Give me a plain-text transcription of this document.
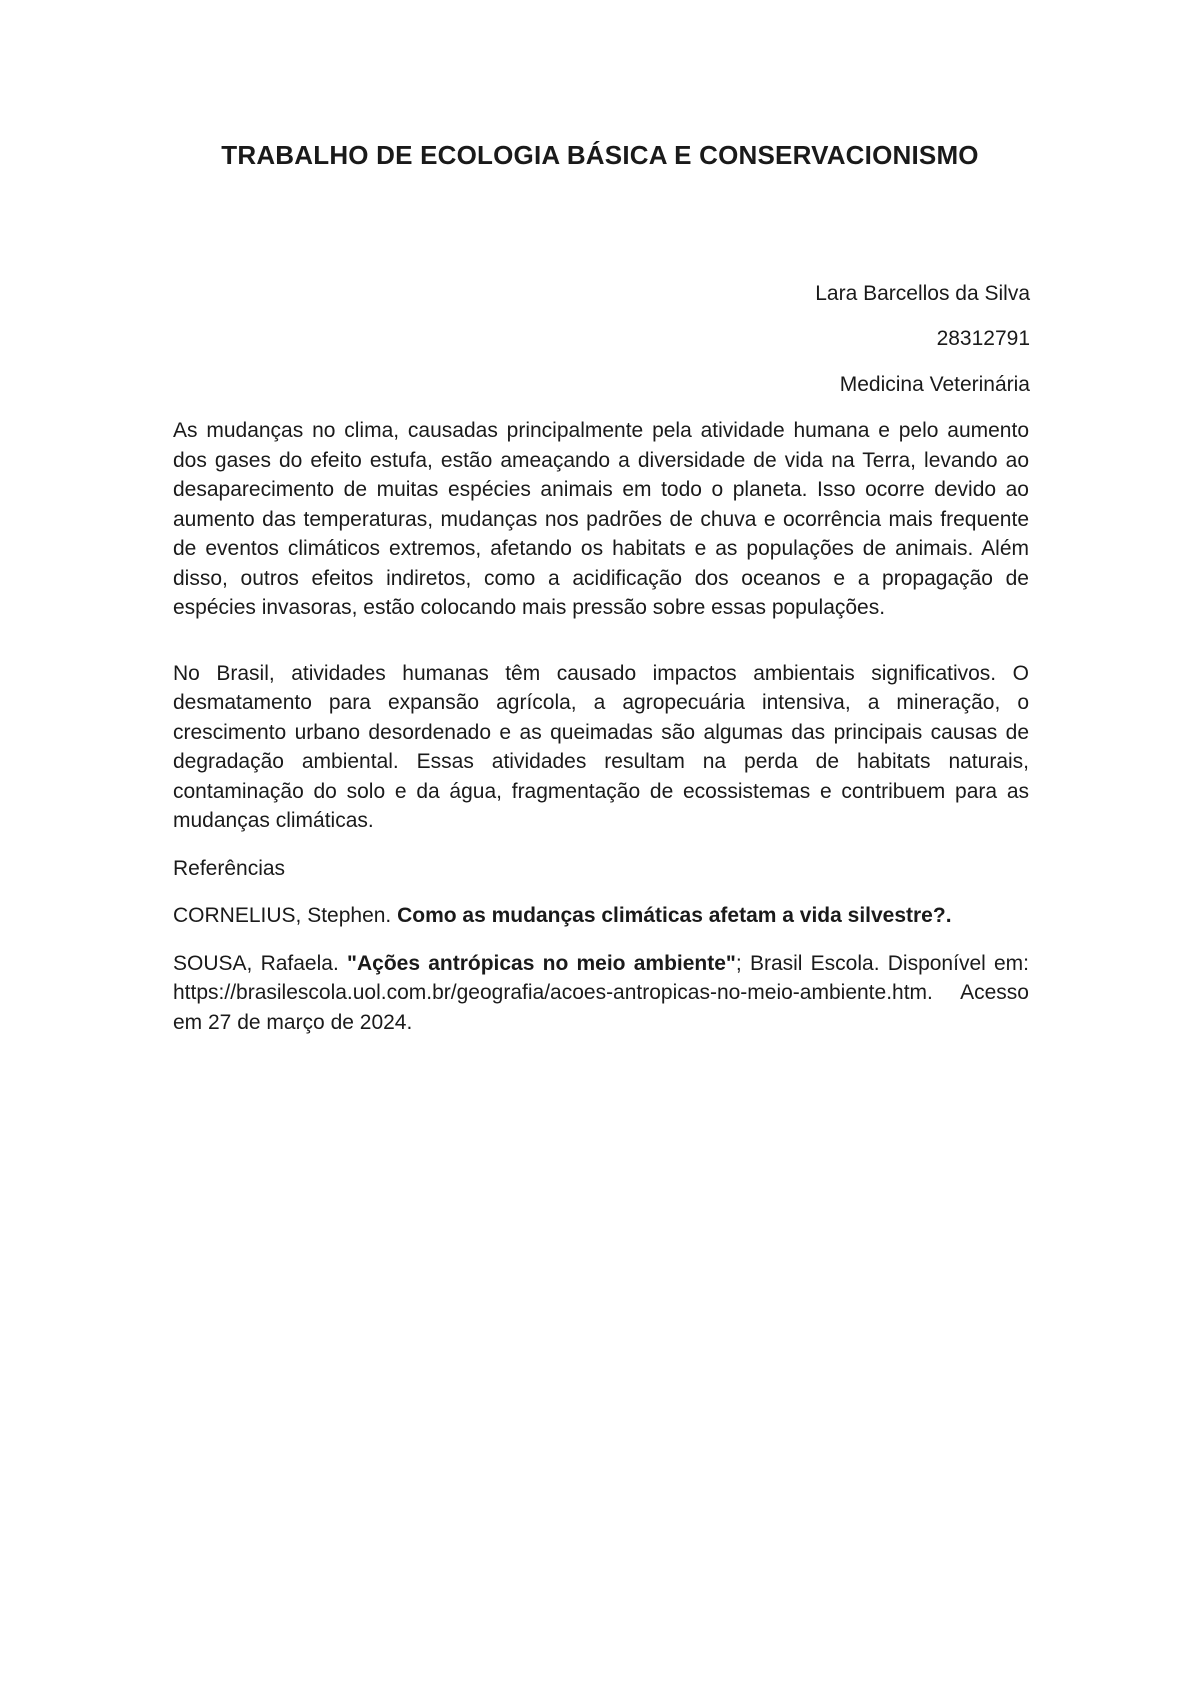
TRABALHO DE ECOLOGIA BÁSICA E CONSERVACIONISMO

Lara Barcellos da Silva

28312791

Medicina Veterinária

As mudanças no clima, causadas principalmente pela atividade humana e pelo aumento dos gases do efeito estufa, estão ameaçando a diversidade de vida na Terra, levando ao desaparecimento de muitas espécies animais em todo o planeta. Isso ocorre devido ao aumento das temperaturas, mudanças nos padrões de chuva e ocorrência mais frequente de eventos climáticos extremos, afetando os habitats e as populações de animais. Além disso, outros efeitos indiretos, como a acidificação dos oceanos e a propagação de espécies invasoras, estão colocando mais pressão sobre essas populações.

No Brasil, atividades humanas têm causado impactos ambientais significativos. O desmatamento para expansão agrícola, a agropecuária intensiva, a mineração, o crescimento urbano desordenado e as queimadas são algumas das principais causas de degradação ambiental. Essas atividades resultam na perda de habitats naturais, contaminação do solo e da água, fragmentação de ecossistemas e contribuem para as mudanças climáticas.

Referências

CORNELIUS, Stephen. Como as mudanças climáticas afetam a vida silvestre?.

SOUSA, Rafaela. "Ações antrópicas no meio ambiente"; Brasil Escola. Disponível em: https://brasilescola.uol.com.br/geografia/acoes-antropicas-no-meio-ambiente.htm. Acesso em 27 de março de 2024.
